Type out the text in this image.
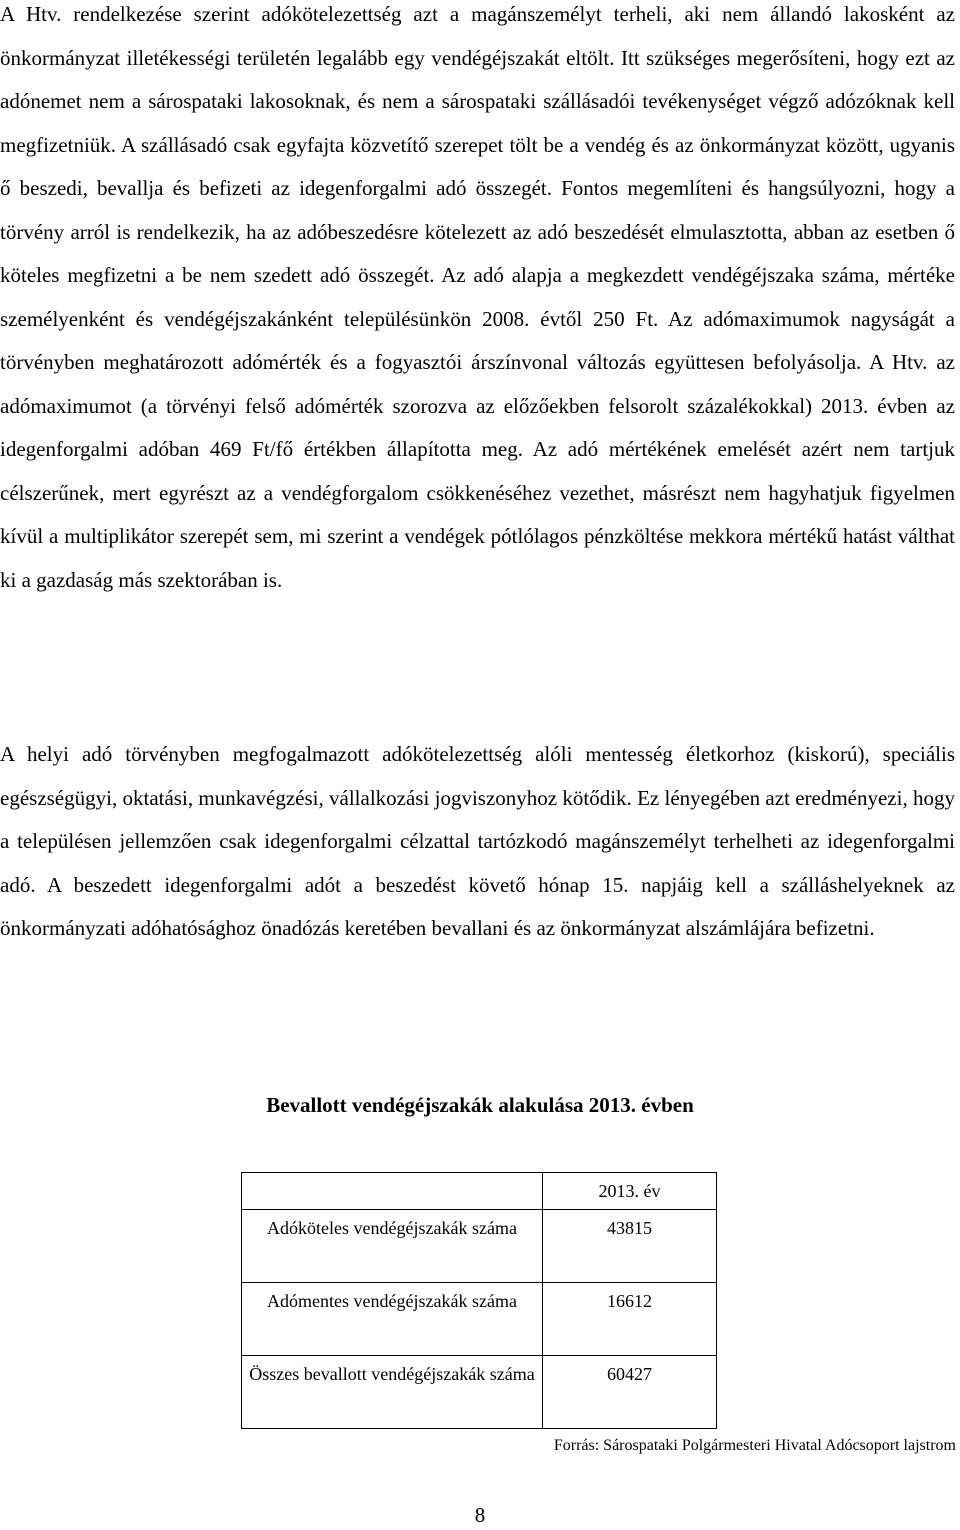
A Htv. rendelkezése szerint adókötelezettség azt a magánszemélyt terheli, aki nem állandó lakosként az önkormányzat illetékességi területén legalább egy vendégéjszakát eltölt. Itt szükséges megerősíteni, hogy ezt az adónemet nem a sárospataki lakosoknak, és nem a sárospataki szállásadói tevékenységet végző adózóknak kell megfizetniük. A szállásadó csak egyfajta közvetítő szerepet tölt be a vendég és az önkormányzat között, ugyanis ő beszedi, bevallja és befizeti az idegenforgalmi adó összegét. Fontos megemlíteni és hangsúlyozni, hogy a törvény arról is rendelkezik, ha az adóbeszedésre kötelezett az adó beszedését elmulasztotta, abban az esetben ő köteles megfizetni a be nem szedett adó összegét. Az adó alapja a megkezdett vendégéjszaka száma, mértéke személyenként és vendégéjszakánként településünkön 2008. évtől 250 Ft. Az adómaximumok nagyságát a törvényben meghatározott adómérték és a fogyasztói árszínvonal változás együttesen befolyásolja. A Htv. az adómaximumot (a törvényi felső adómérték szorozva az előzőekben felsorolt százalékokkal) 2013. évben az idegenforgalmi adóban 469 Ft/fő értékben állapította meg. Az adó mértékének emelését azért nem tartjuk célszerűnek, mert egyrészt az a vendégforgalom csökkenéséhez vezethet, másrészt nem hagyhatjuk figyelmen kívül a multiplikátor szerepét sem, mi szerint a vendégek pótlólagos pénzköltése mekkora mértékű hatást válthat ki a gazdaság más szektorában is.

A helyi adó törvényben megfogalmazott adókötelezettség alóli mentesség életkorhoz (kiskorú), speciális egészségügyi, oktatási, munkavégzési, vállalkozási jogviszonyhoz kötődik. Ez lényegében azt eredményezi, hogy a településen jellemzően csak idegenforgalmi célzattal tartózkodó magánszemélyt terhelheti az idegenforgalmi adó. A beszedett idegenforgalmi adót a beszedést követő hónap 15. napjáig kell a szálláshelyeknek az önkormányzati adóhatósághoz önadózás keretében bevallani és az önkormányzat alszámlájára befizetni.

Bevallott vendégéjszakák alakulása 2013. évben

	2013. év
Adóköteles vendégéjszakák száma	43815
Adómentes vendégéjszakák száma	16612
Összes bevallott vendégéjszakák száma	60427

Forrás: Sárospataki Polgármesteri Hivatal Adócsoport lajstrom

8
